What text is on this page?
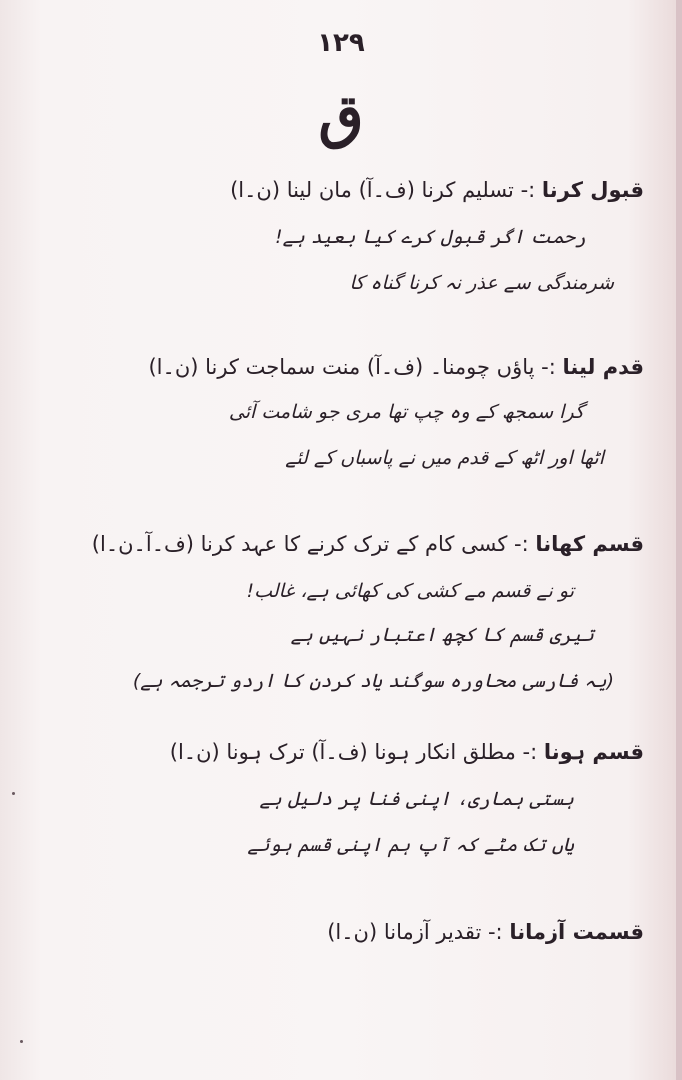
۱۲۹
ق

قبول کرنا :- تسلیم کرنا (ف۔آ) مان لینا (ن۔ا)

رحمت اگر قبول کرے کیا بعید ہے!

شرمندگی سے عذر نہ کرنا گناہ کا

قدم لینا :- پاؤں چومنا۔ (ف۔آ) منت سماجت کرنا (ن۔ا)

گرا سمجھ کے وہ چپ تھا مری جو شامت آئی

اٹھا اور اٹھ کے قدم میں نے پاسباں کے لئے

قسم کھانا :- کسی کام کے ترک کرنے کا عہد کرنا (ف۔آ۔ن۔ا)

تو نے قسم مے کشی کی کھائی ہے، غالب!

تیری قسم کا کچھ اعتبار نہیں ہے

(یہ فارسی محاورہ سوگند یاد کردن کا اردو ترجمہ ہے)

قسم ہونا :- مطلق انکار ہونا (ف۔آ) ترک ہونا (ن۔ا)

ہستی ہماری، اپنی فنا پر دلیل ہے

یاں تک مٹے کہ آپ ہم اپنی قسم ہوئے

قسمت آزمانا :- تقدیر آزمانا (ن۔ا)
